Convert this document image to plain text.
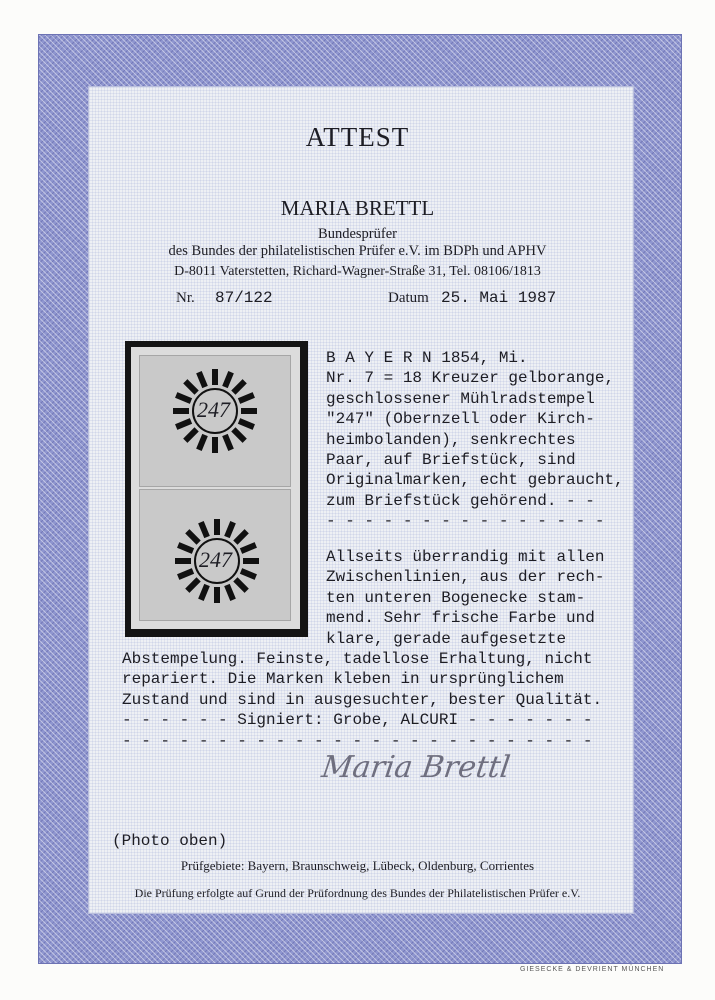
ATTEST
MARIA BRETTL
Bundesprüfer
des Bundes der philatelistischen Prüfer e.V. im BDPh und APHV
D-8011 Vaterstetten, Richard-Wagner-Straße 31, Tel. 08106/1813
Nr. 87/122	Datum 25. Mai 1987
247
247
B A Y E R N 1854, Mi.
Nr. 7 = 18 Kreuzer gelborange,
geschlossener Mühlradstempel
"247" (Obernzell oder Kirch-
heimbolanden), senkrechtes
Paar, auf Briefstück, sind
Originalmarken, echt gebraucht,
zum Briefstück gehörend. - -
- - - - - - - - - - - - - - -
Allseits überrandig mit allen
Zwischenlinien, aus der rech-
ten unteren Bogenecke stam-
mend. Sehr frische Farbe und
klare, gerade aufgesetzte
Abstempelung. Feinste, tadellose Erhaltung, nicht
repariert. Die Marken kleben in ursprünglichem
Zustand und sind in ausgesuchter, bester Qualität.
- - - - - - Signiert: Grobe, ALCURI - - - - - - -
- - - - - - - - - - - - - - - - - - - - - - - - -
Maria Brettl
(Photo oben)
Prüfgebiete: Bayern, Braunschweig, Lübeck, Oldenburg, Corrientes
Die Prüfung erfolgte auf Grund der Prüfordnung des Bundes der Philatelistischen Prüfer e.V.
GIESECKE & DEVRIENT MÜNCHEN
